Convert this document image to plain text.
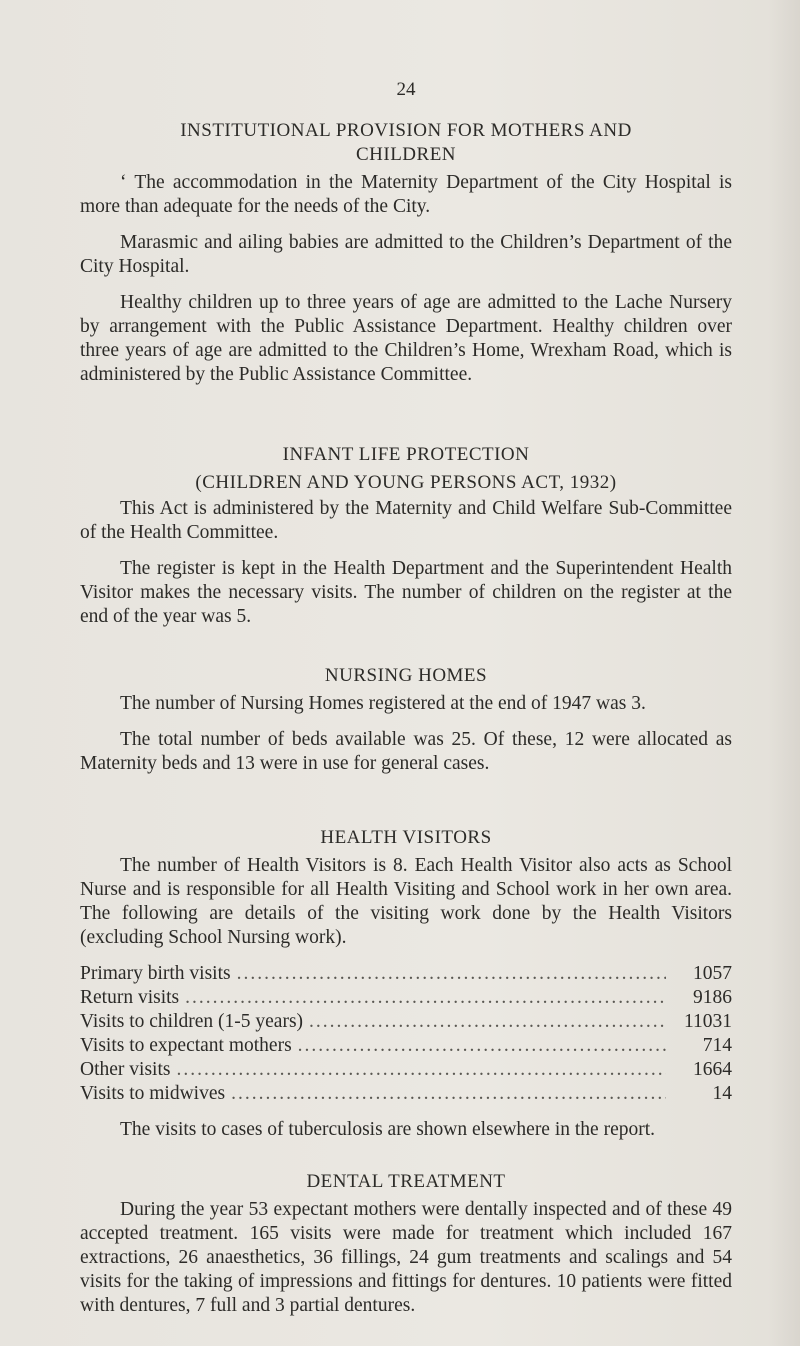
24
INSTITUTIONAL PROVISION FOR MOTHERS AND
CHILDREN

‘ The accommodation in the Maternity Department of the City Hospital is more than adequate for the needs of the City.

Marasmic and ailing babies are admitted to the Children’s Department of the City Hospital.

Healthy children up to three years of age are admitted to the Lache Nursery by arrangement with the Public Assistance Department. Healthy children over three years of age are admitted to the Children’s Home, Wrexham Road, which is administered by the Public Assistance Committee.

INFANT LIFE PROTECTION
(CHILDREN AND YOUNG PERSONS ACT, 1932)

This Act is administered by the Maternity and Child Welfare Sub-Committee of the Health Committee.

The register is kept in the Health Department and the Superintendent Health Visitor makes the necessary visits. The number of children on the register at the end of the year was 5.

NURSING HOMES

The number of Nursing Homes registered at the end of 1947 was 3.

The total number of beds available was 25. Of these, 12 were allocated as Maternity beds and 13 were in use for general cases.

HEALTH VISITORS

The number of Health Visitors is 8. Each Health Visitor also acts as School Nurse and is responsible for all Health Visiting and School work in her own area. The following are details of the visiting work done by the Health Visitors (excluding School Nursing work).

Primary birth visits .....	1057
Return visits .....	9186
Visits to children (1-5 years) .....	11031
Visits to expectant mothers .....	714
Other visits .....	1664
Visits to midwives .....	14

The visits to cases of tuberculosis are shown elsewhere in the report.

DENTAL TREATMENT

During the year 53 expectant mothers were dentally inspected and of these 49 accepted treatment. 165 visits were made for treatment which included 167 extractions, 26 anaesthetics, 36 fillings, 24 gum treatments and scalings and 54 visits for the taking of impressions and fittings for dentures. 10 patients were fitted with dentures, 7 full and 3 partial dentures.
